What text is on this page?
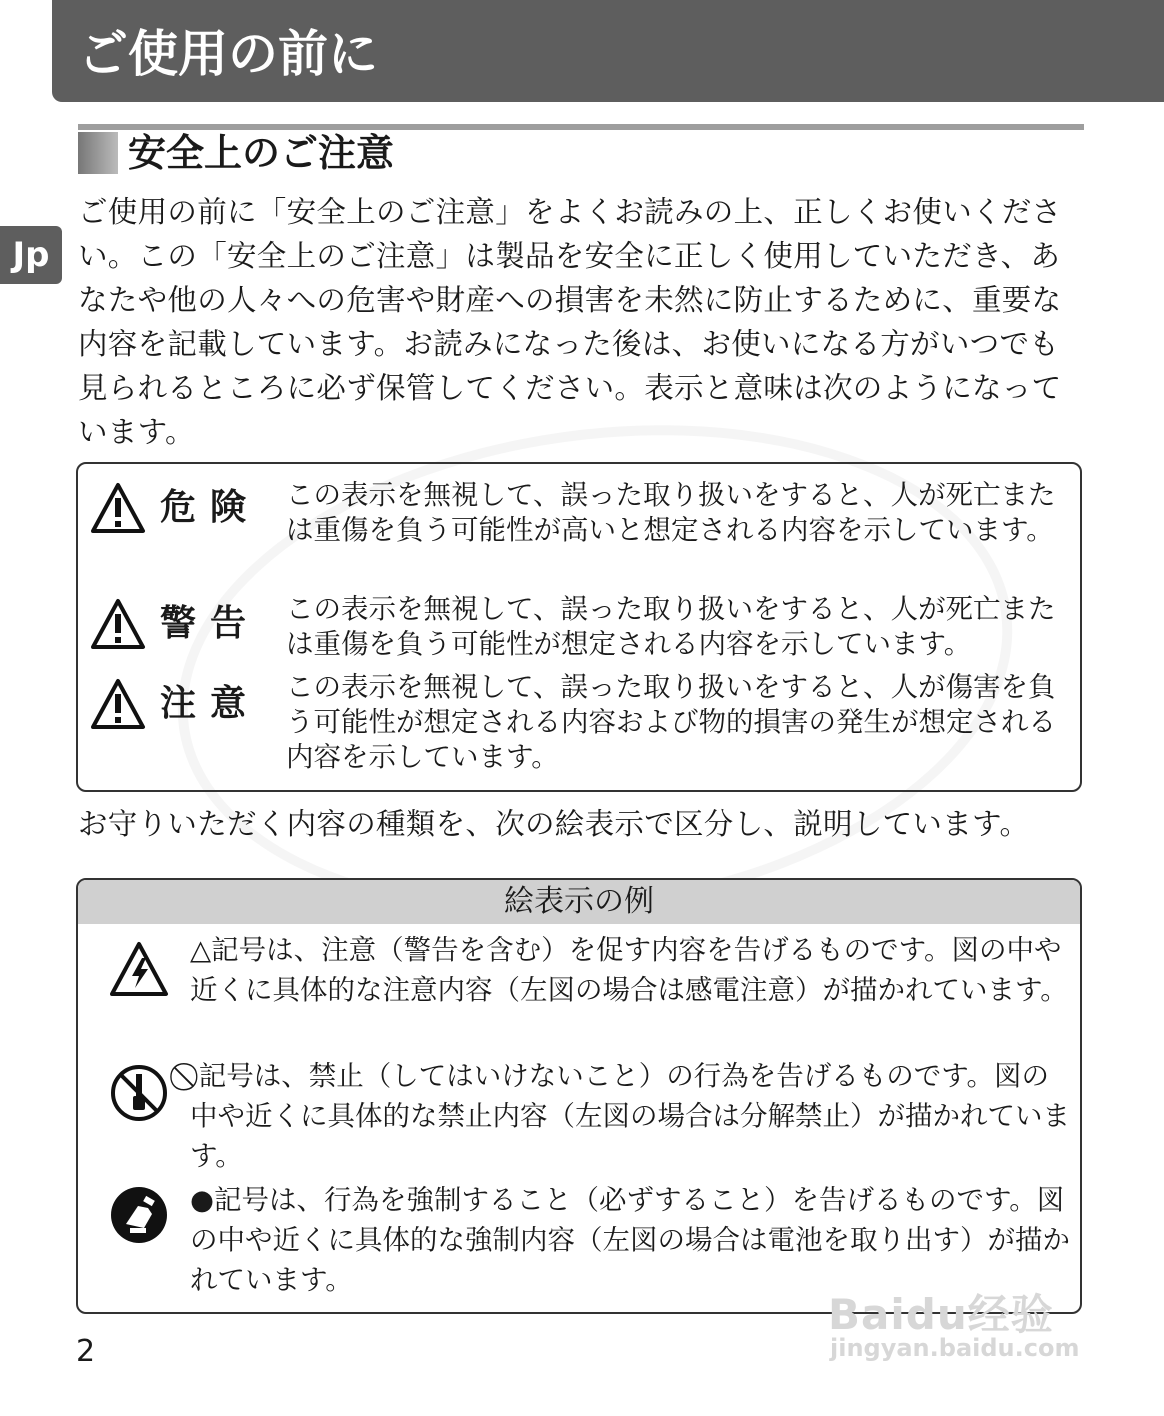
ご使用の前に
Jp
安全上のご注意

ご使用の前に「安全上のご注意」をよくお読みの上、正しくお使いください。この「安全上のご注意」は製品を安全に正しく使用していただき、あなたや他の人々への危害や財産への損害を未然に防止するために、重要な内容を記載しています。お読みになった後は、お使いになる方がいつでも見られるところに必ず保管してください。表示と意味は次のようになっています。

危険 この表示を無視して、誤った取り扱いをすると、人が死亡または重傷を負う可能性が高いと想定される内容を示しています。

警告 この表示を無視して、誤った取り扱いをすると、人が死亡または重傷を負う可能性が想定される内容を示しています。

注意 この表示を無視して、誤った取り扱いをすると、人が傷害を負う可能性が想定される内容および物的損害の発生が想定される内容を示しています。

お守りいただく内容の種類を、次の絵表示で区分し、説明しています。

絵表示の例

△記号は、注意（警告を含む）を促す内容を告げるものです。図の中や近くに具体的な注意内容（左図の場合は感電注意）が描かれています。

⃠ 記号は、禁止（してはいけないこと）の行為を告げるものです。図の中や近くに具体的な禁止内容（左図の場合は分解禁止）が描かれています。

●記号は、行為を強制すること（必ずすること）を告げるものです。図の中や近くに具体的な強制内容（左図の場合は電池を取り出す）が描かれています。

2

Baidu经验
jingyan.baidu.com
